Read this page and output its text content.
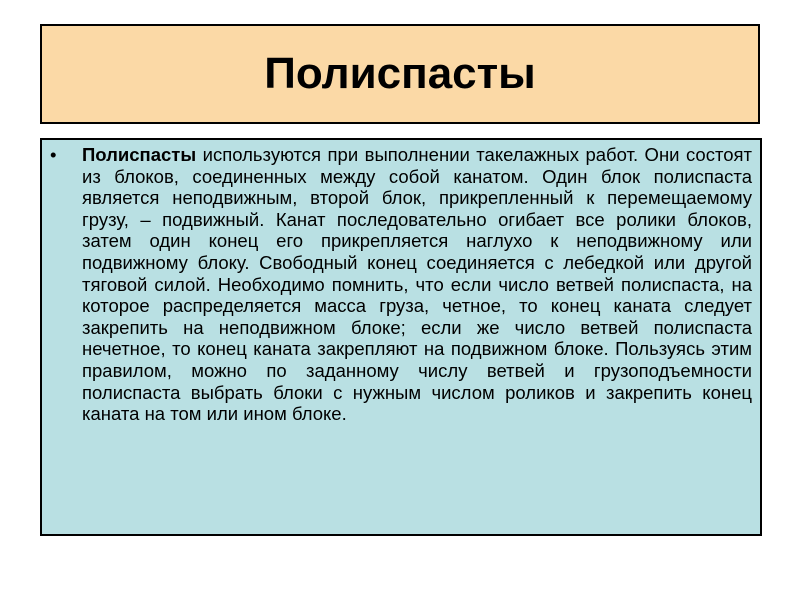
Полиспасты
•	Полиспасты используются при выполнении такелажных работ. Они состоят из блоков, соединенных между собой канатом. Один блок полиспаста является неподвижным, второй блок, прикрепленный к перемещаемому грузу, – подвижный. Канат последовательно огибает все ролики блоков, затем один конец его прикрепляется наглухо к неподвижному или подвижному блоку. Свободный конец соединяется с лебедкой или другой тяговой силой. Необходимо помнить, что если число ветвей полиспаста, на которое распределяется масса груза, четное, то конец каната следует закрепить на неподвижном блоке; если же число ветвей полиспаста нечетное, то конец каната закрепляют на подвижном блоке. Пользуясь этим правилом, можно по заданному числу ветвей и грузоподъемности полиспаста выбрать блоки с нужным числом роликов и закрепить конец каната на том или ином блоке.
